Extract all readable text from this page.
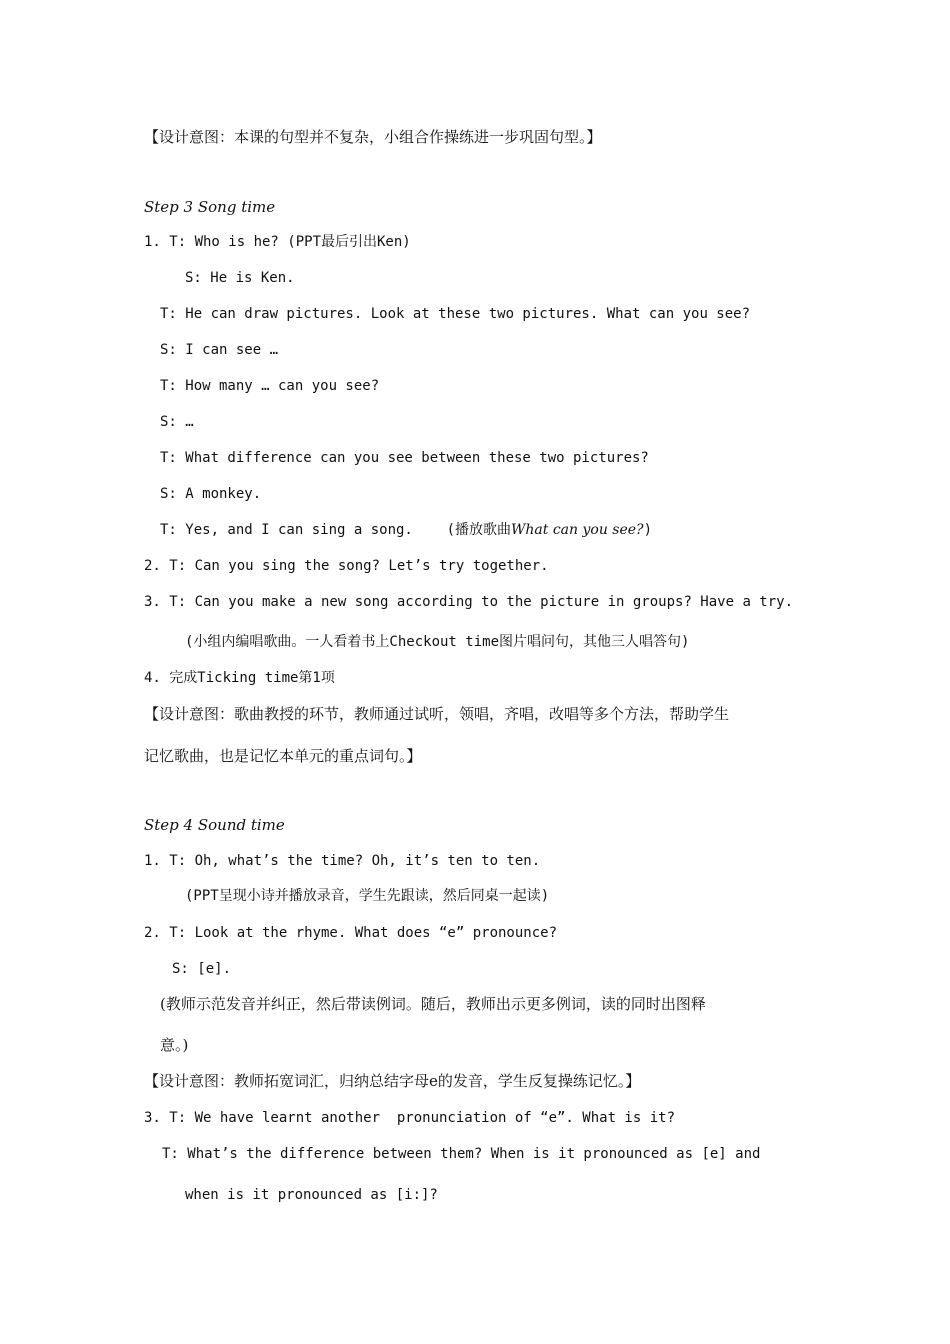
【设计意图：本课的句型并不复杂，小组合作操练进一步巩固句型。】
Step 3 Song time
1. T: Who is he? (PPT最后引出Ken)
S: He is Ken.
T: He can draw pictures. Look at these two pictures. What can you see?
S: I can see …
T: How many … can you see?
S: …
T: What difference can you see between these two pictures?
S: A monkey.
T: Yes, and I can sing a song.    (播放歌曲What can you see?)
2. T: Can you sing the song? Let’s try together.
3. T: Can you make a new song according to the picture in groups? Have a try.
(小组内编唱歌曲。一人看着书上Checkout time图片唱问句，其他三人唱答句)
4. 完成Ticking time第1项
【设计意图：歌曲教授的环节，教师通过试听，领唱，齐唱，改唱等多个方法，帮助学生
记忆歌曲，也是记忆本单元的重点词句。】
Step 4 Sound time
1. T: Oh, what’s the time? Oh, it’s ten to ten.
(PPT呈现小诗并播放录音，学生先跟读，然后同桌一起读)
2. T: Look at the rhyme. What does “e” pronounce?
S: [e].
(教师示范发音并纠正，然后带读例词。随后，教师出示更多例词，读的同时出图释
意。)
【设计意图：教师拓宽词汇，归纳总结字母e的发音，学生反复操练记忆。】
3. T: We have learnt another  pronunciation of “e”. What is it?
T: What’s the difference between them? When is it pronounced as [e] and
when is it pronounced as [i:]?
